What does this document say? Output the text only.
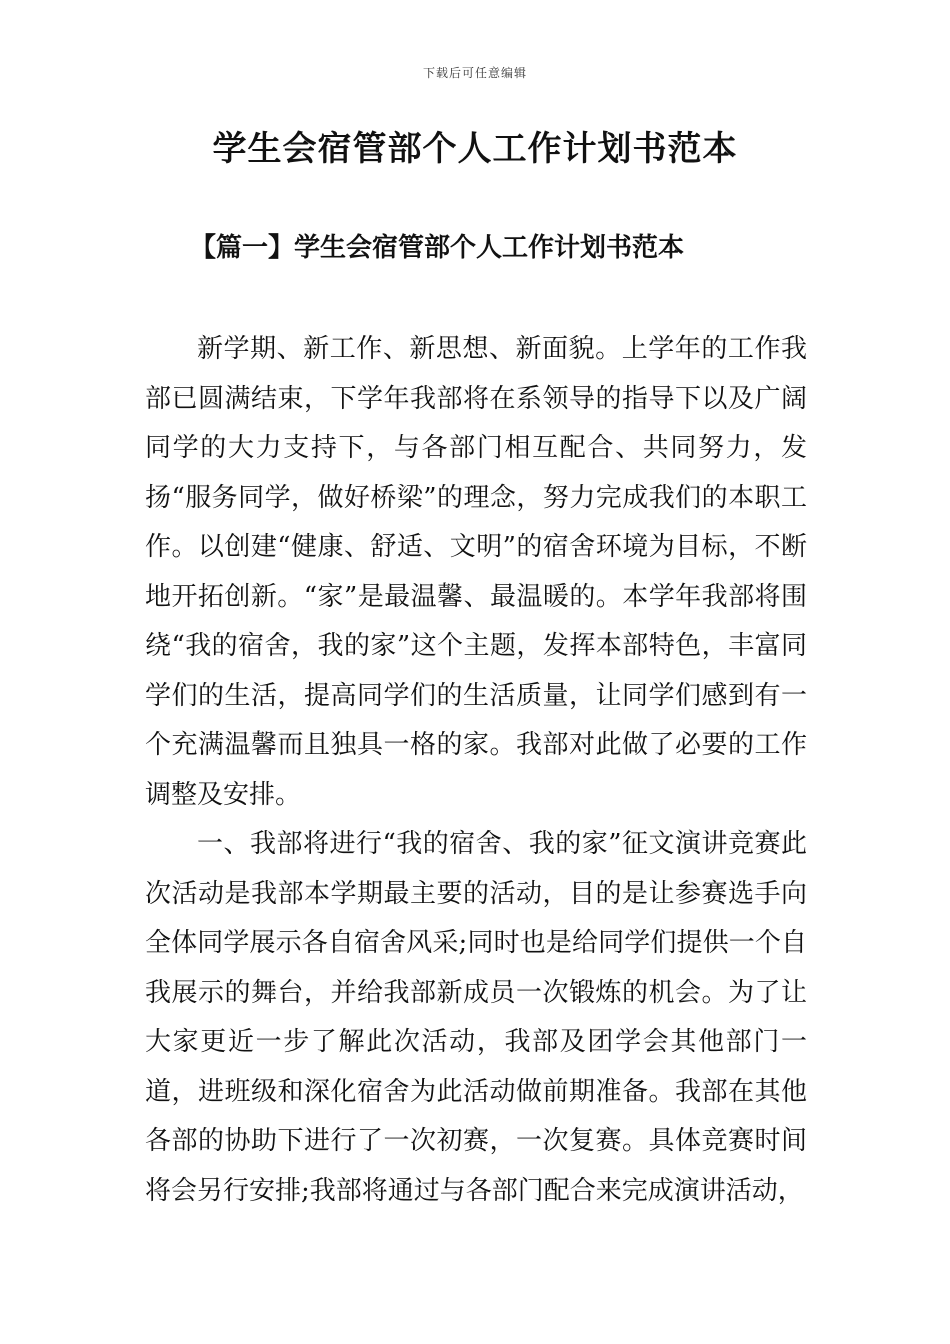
下载后可任意编辑
学生会宿管部个人工作计划书范本
【篇一】学生会宿管部个人工作计划书范本

新学期、新工作、新思想、新面貌。上学年的工作我部已圆满结束，下学年我部将在系领导的指导下以及广阔同学的大力支持下，与各部门相互配合、共同努力，发扬“服务同学，做好桥梁”的理念，努力完成我们的本职工作。以创建“健康、舒适、文明”的宿舍环境为目标，不断地开拓创新。“家”是最温馨、最温暖的。本学年我部将围绕“我的宿舍，我的家”这个主题，发挥本部特色，丰富同学们的生活，提高同学们的生活质量，让同学们感到有一个充满温馨而且独具一格的家。我部对此做了必要的工作调整及安排。

一、我部将进行“我的宿舍、我的家”征文演讲竞赛此次活动是我部本学期最主要的活动，目的是让参赛选手向全体同学展示各自宿舍风采;同时也是给同学们提供一个自我展示的舞台，并给我部新成员一次锻炼的机会。为了让大家更近一步了解此次活动，我部及团学会其他部门一道，进班级和深化宿舍为此活动做前期准备。我部在其他各部的协助下进行了一次初赛，一次复赛。具体竞赛时间将会另行安排;我部将通过与各部门配合来完成演讲活动，
